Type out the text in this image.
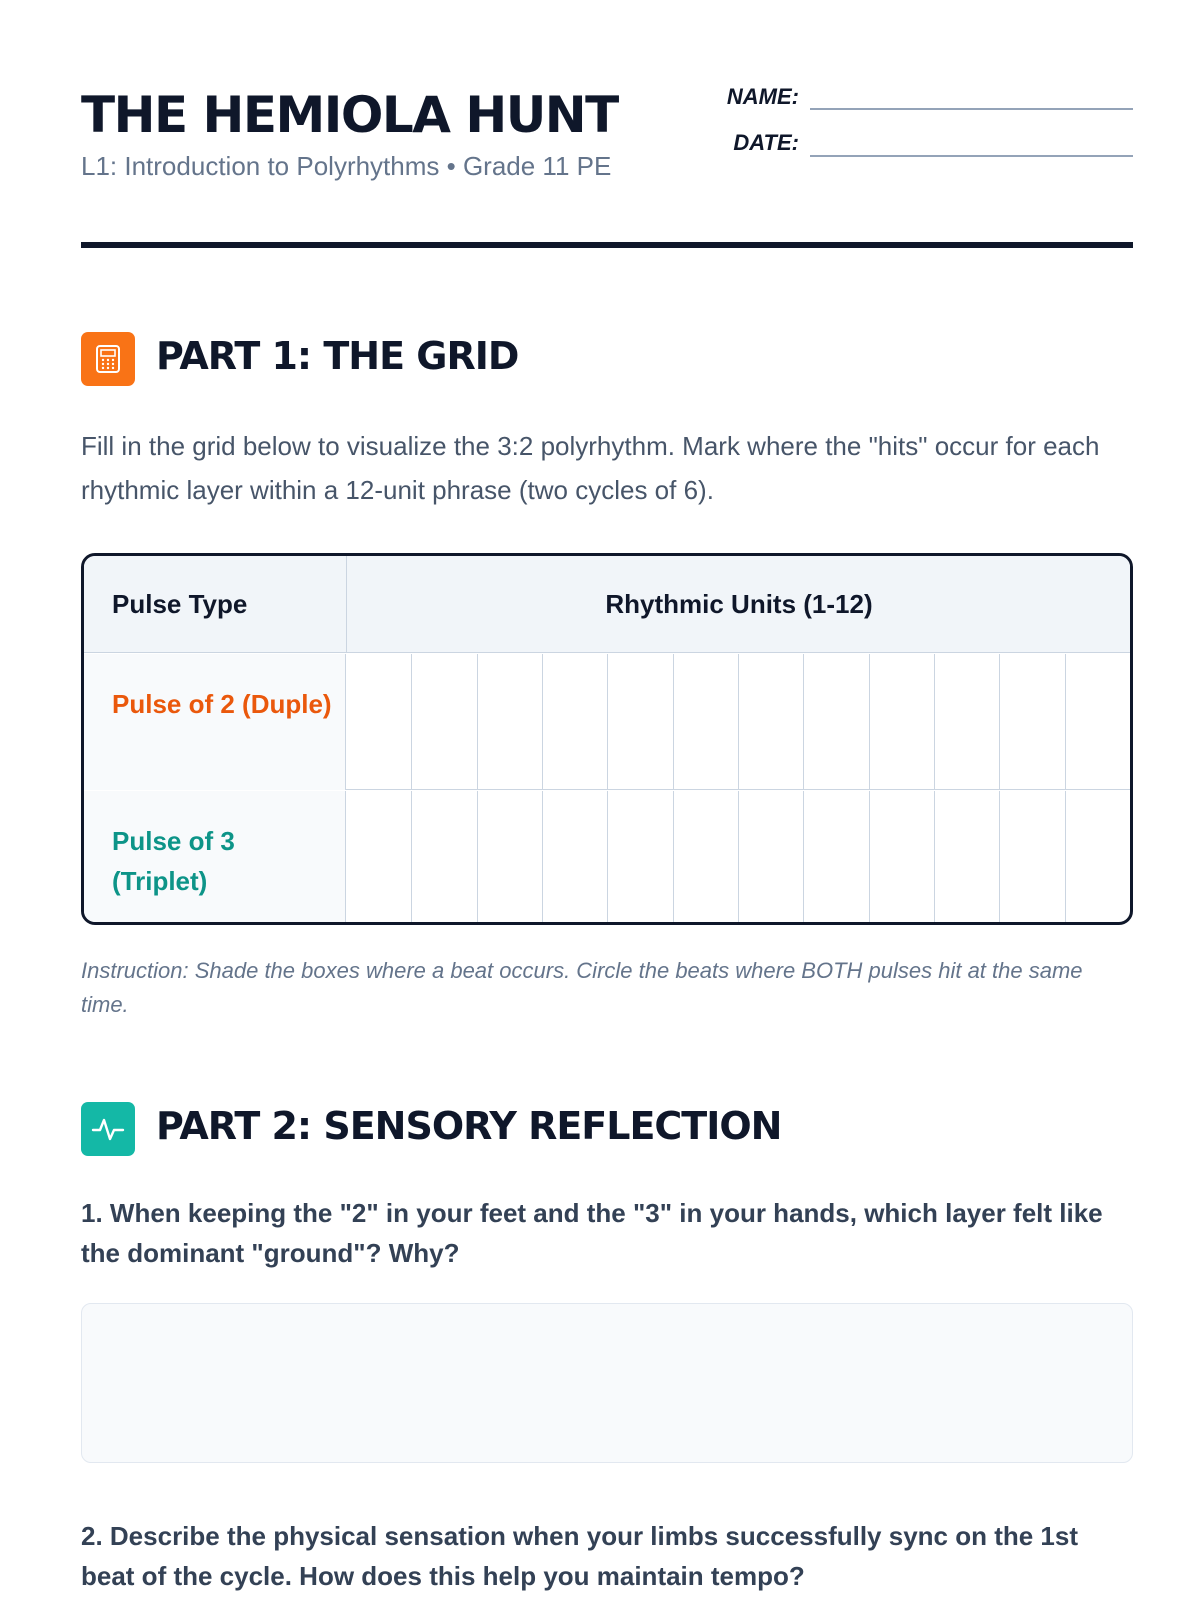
THE HEMIOLA HUNT
L1: Introduction to Polyrhythms • Grade 11 PE
NAME:
DATE:
PART 1: THE GRID
Fill in the grid below to visualize the 3:2 polyrhythm. Mark where the "hits" occur for each rhythmic layer within a 12-unit phrase (two cycles of 6).
Pulse Type	Rhythmic Units (1-12)
Pulse of 2 (Duple)
Pulse of 3 (Triplet)
Instruction: Shade the boxes where a beat occurs. Circle the beats where BOTH pulses hit at the same time.
PART 2: SENSORY REFLECTION
1. When keeping the "2" in your feet and the "3" in your hands, which layer felt like the dominant "ground"? Why?
2. Describe the physical sensation when your limbs successfully sync on the 1st beat of the cycle. How does this help you maintain tempo?
